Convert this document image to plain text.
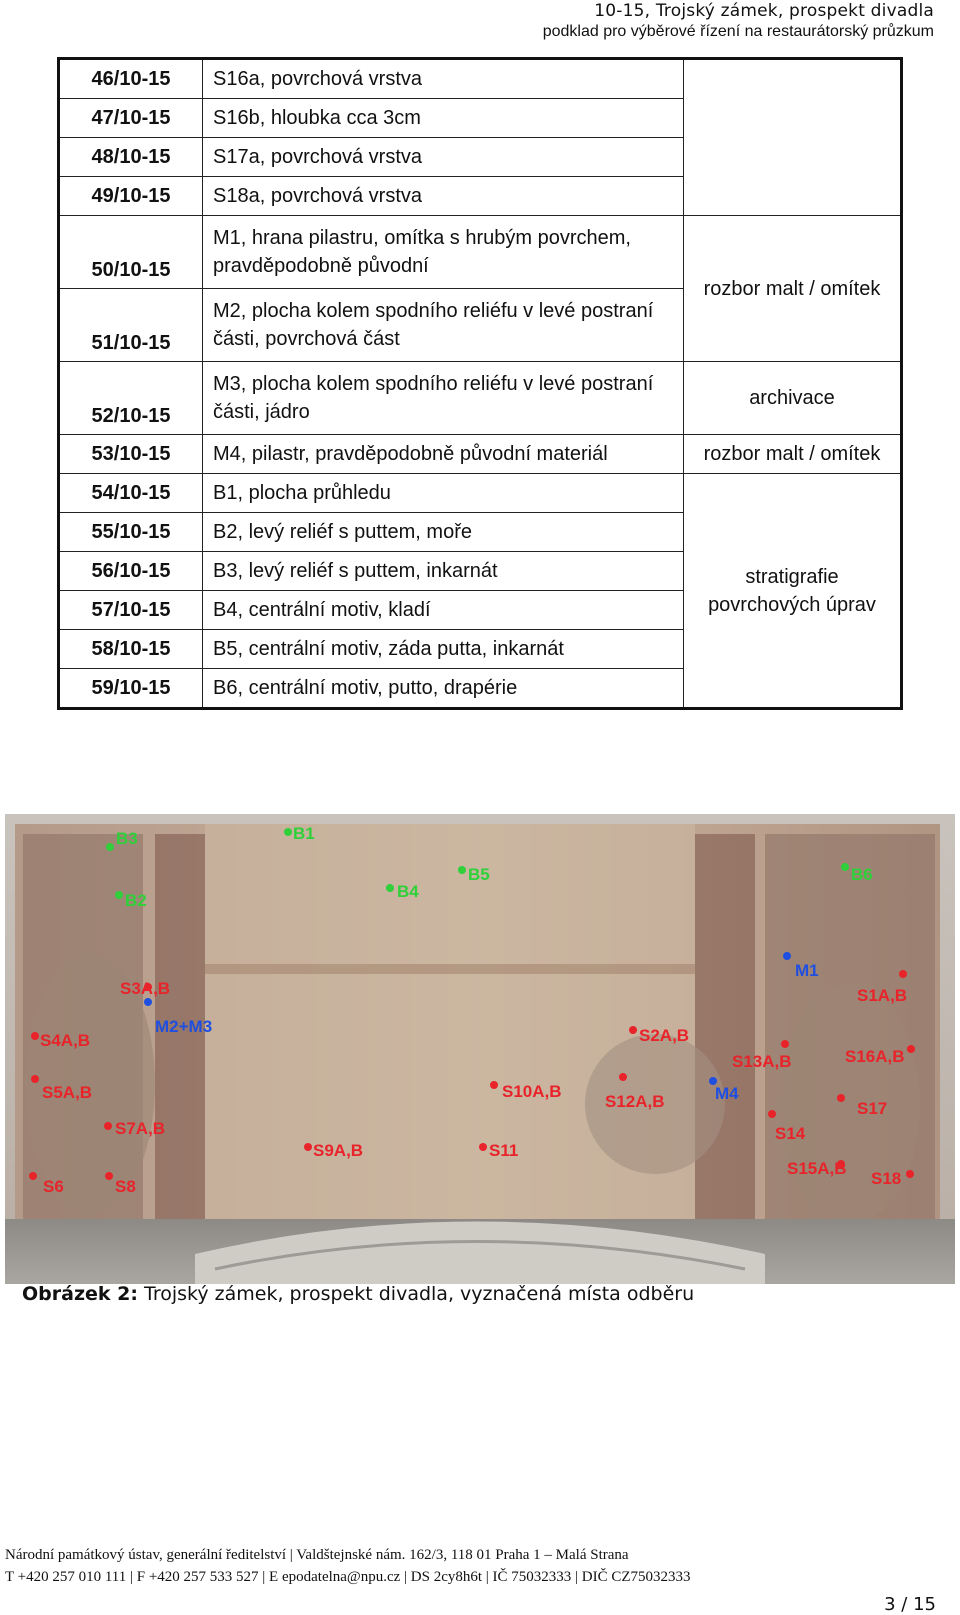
10-15, Trojský zámek, prospekt divadla
podklad pro výběrové řízení na restaurátorský průzkum
46/10-15	S16a, povrchová vrstva	
47/10-15	S16b, hloubka cca 3cm	
48/10-15	S17a, povrchová vrstva	
49/10-15	S18a, povrchová vrstva	
50/10-15	M1, hrana pilastru, omítka s hrubým povrchem, pravděpodobně původní	rozbor malt / omítek
51/10-15	M2, plocha kolem spodního reliéfu v levé postraní části, povrchová část	
52/10-15	M3, plocha kolem spodního reliéfu v levé postraní části, jádro	archivace
53/10-15	M4, pilastr, pravděpodobně původní materiál	rozbor malt / omítek
54/10-15	B1, plocha průhledu	stratigrafie
povrchových úprav

55/10-15	B2, levý reliéf s puttem, moře	
56/10-15	B3, levý reliéf s puttem, inkarnát	
57/10-15	B4, centrální motiv, kladí	
58/10-15	B5, centrální motiv, záda putta, inkarnát	
59/10-15	B6, centrální motiv, putto, drapérie	
B1
B2
B3
B4
B5	B6
M1
M2+M3
M4
S3A,B
S4A,B
S5A,B
S7A,B
S6	S8
S9A,B
S10A,B
S11
S2A,B
S12A,B
S13A,B
S1A,B
S16A,B
S17
S14
S15A,B
S18
Obrázek 2: Trojský zámek, prospekt divadla, vyznačená místa odběru
Národní památkový ústav, generální ředitelství | Valdštejnské nám. 162/3, 118 01 Praha 1 – Malá Strana
T +420 257 010 111 | F +420 257 533 527 | E epodatelna@npu.cz | DS 2cy8h6t | IČ 75032333 | DIČ CZ75032333
3 / 15
